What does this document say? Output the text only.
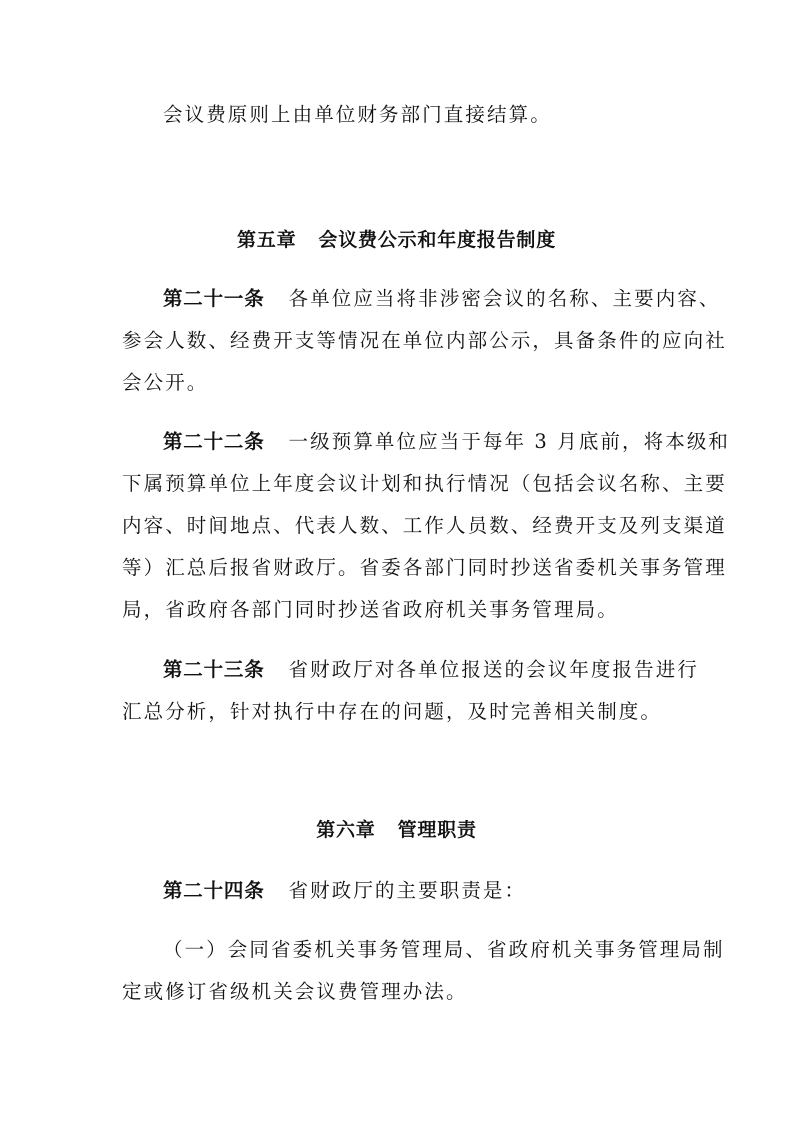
会议费原则上由单位财务部门直接结算。
第五章 会议费公示和年度报告制度
第二十一条 各单位应当将非涉密会议的名称、主要内容、
参会人数、经费开支等情况在单位内部公示，具备条件的应向社
会公开。
第二十二条 一级预算单位应当于每年 3 月底前，将本级和
下属预算单位上年度会议计划和执行情况（包括会议名称、主要
内容、时间地点、代表人数、工作人员数、经费开支及列支渠道
等）汇总后报省财政厅。省委各部门同时抄送省委机关事务管理
局，省政府各部门同时抄送省政府机关事务管理局。
第二十三条 省财政厅对各单位报送的会议年度报告进行
汇总分析，针对执行中存在的问题，及时完善相关制度。
第六章 管理职责
第二十四条 省财政厅的主要职责是：
（一）会同省委机关事务管理局、省政府机关事务管理局制
定或修订省级机关会议费管理办法。
